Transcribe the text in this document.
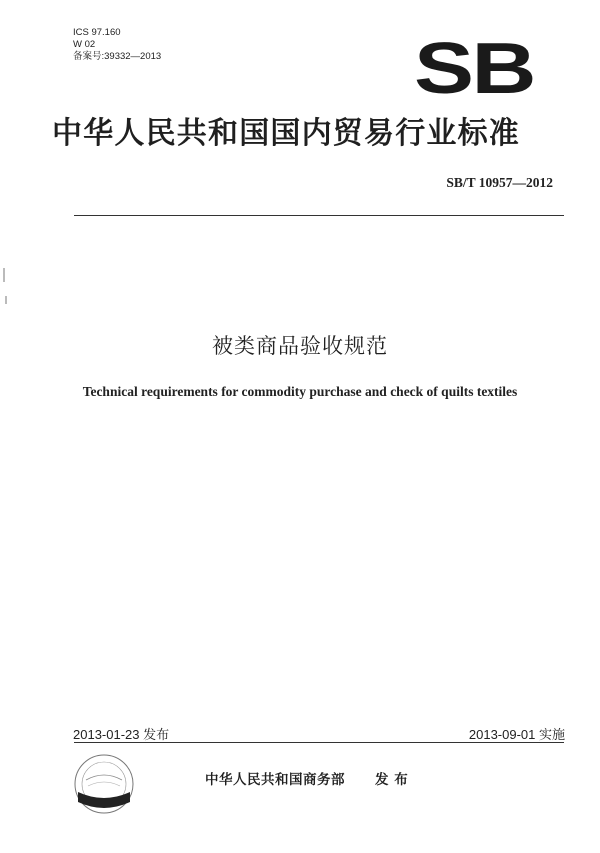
ICS 97.160
W 02
备案号:39332—2013	SB
中华人民共和国国内贸易行业标准
SB/T 10957—2012
被类商品验收规范
Technical requirements for commodity purchase and check of quilts textiles
2013-01-23 发布	2013-09-01 实施
中华人民共和国商务部 发 布
